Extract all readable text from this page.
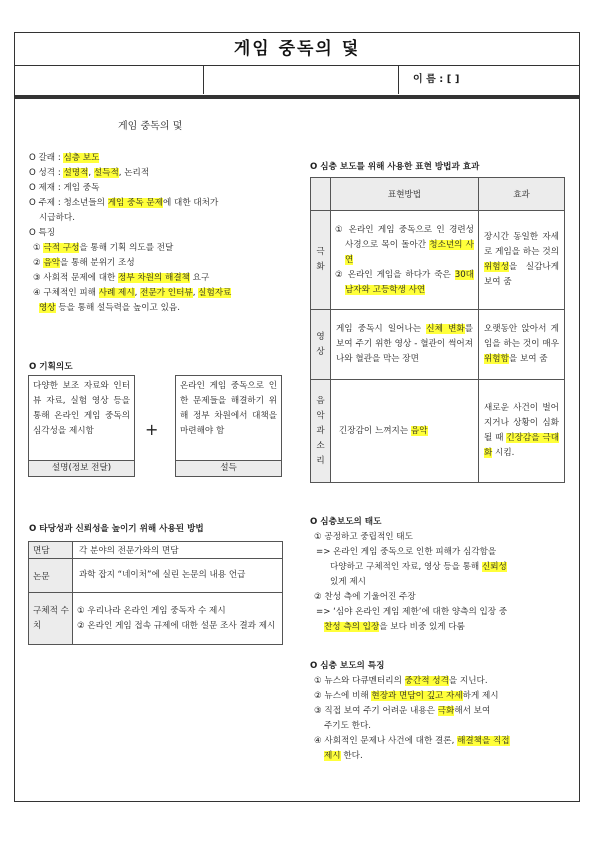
게임 중독의 덫
이 름 : [ ]
게임 중독의 덫
O 갈래 : 심층 보도
O 성격 : 설명적, 설득적, 논리적
O 제재 : 게임 중독
O 주제 : 청소년들의 게임 중독 문제에 대한 대처가
시급하다.
O 특징
① 극적 구성을 통해 기획 의도를 전달
② 음악을 통해 분위기 조성
③ 사회적 문제에 대한 정부 차원의 해결책 요구
④ 구체적인 피해 사례 제시, 전문가 인터뷰, 실험자료
영상 등을 통해 설득력을 높이고 있음.
O 기획의도
다양한 보조 자료와 인터뷰 자료, 실험 영상 등을 통해 온라인 게임 중독의 심각성을 제시함
설명(정보 전달)
+
온라인 게임 중독으로 인한 문제들을 해결하기 위해 정부 차원에서 대책을 마련해야 함
설득
O 타당성과 신뢰성을 높이기 위해 사용된 방법
면담	각 분야의 전문가와의 면담
논문	과학 잡지 “네이처”에 실린 논문의 내용 언급
구체적 수치	① 우리나라 온라인 게임 중독자 수 제시
② 온라인 게임 접속 규제에 대한 설문 조사 결과 제시
O 심층 보도를 위해 사용한 표현 방법과 효과
	표현방법	효과
극화	① 온라인 게임 중독으로 인 경련성 사경으로 목이 돌아간 청소년의 사연
② 온라인 게임을 하다가 죽은 30대 남자와 고등학생 사연	장시간 동일한 자세로 게임을 하는 것의 위험성을 실감나게 보여 줌
영상	게임 중독시 일어나는 신체 변화를 보여 주기 위한 영상 - 혈관이 썩어져 나와 혈관을 막는 장면	오랫동안 앉아서 게임을 하는 것이 매우 위험함을 보여 줌
음악과소리	긴장감이 느껴지는 음악	새로운 사건이 벌어지거나 상황이 심화 될 때 긴장감을 극대화 시킴.
O 심층보도의 태도
① 공정하고 중립적인 태도
=> 온라인 게임 중독으로 인한 피해가 심각함을
다양하고 구체적인 자료, 영상 등을 통해 신뢰성
있게 제시
② 찬성 측에 기울어진 주장
=> ‘심야 온라인 게임 제한’에 대한 양측의 입장 중
찬성 측의 입장을 보다 비중 있게 다룸
O 심층 보도의 특징
① 뉴스와 다큐멘터리의 중간적 성격을 지닌다.
② 뉴스에 비해 현장과 면담이 깊고 자세하게 제시
③ 직접 보여 주기 어려운 내용은 극화해서 보여
주기도 한다.
④ 사회적인 문제나 사건에 대한 결론, 해결책을 직접
제시 한다.
